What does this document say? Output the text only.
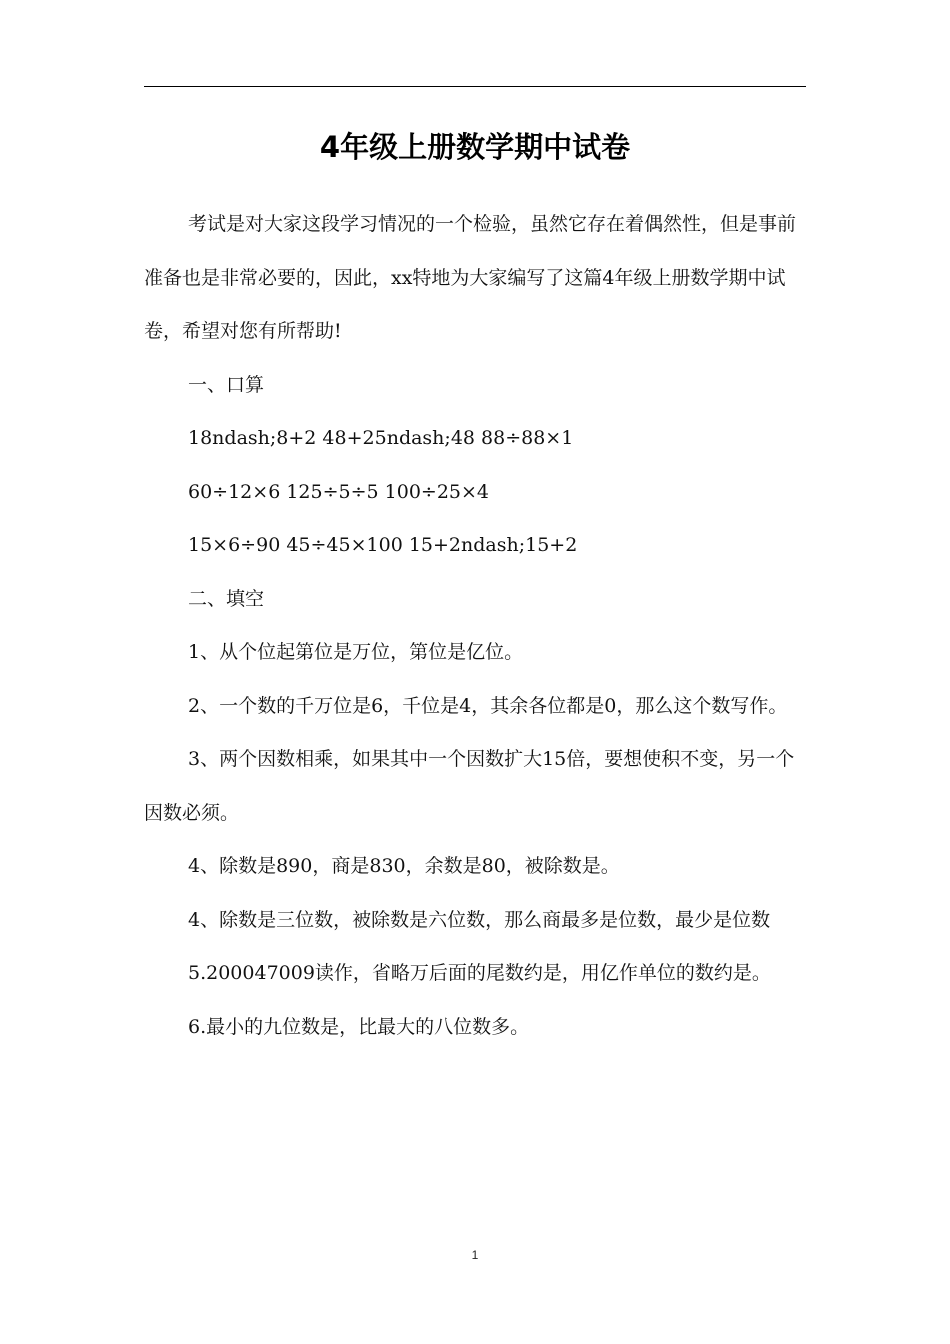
4年级上册数学期中试卷

考试是对大家这段学习情况的一个检验，虽然它存在着偶然性，但是事前准备也是非常必要的，因此，xx特地为大家编写了这篇4年级上册数学期中试卷，希望对您有所帮助!

一、口算

18ndash;8+2 48+25ndash;48 88÷88×1

60÷12×6 125÷5÷5 100÷25×4

15×6÷90 45÷45×100 15+2ndash;15+2

二、填空

1、从个位起第位是万位，第位是亿位。

2、一个数的千万位是6，千位是4，其余各位都是0，那么这个数写作。

3、两个因数相乘，如果其中一个因数扩大15倍，要想使积不变，另一个因数必须。

4、除数是890，商是830，余数是80，被除数是。

4、除数是三位数，被除数是六位数，那么商最多是位数，最少是位数

5.200047009读作，省略万后面的尾数约是，用亿作单位的数约是。

6.最小的九位数是，比最大的八位数多。

1
